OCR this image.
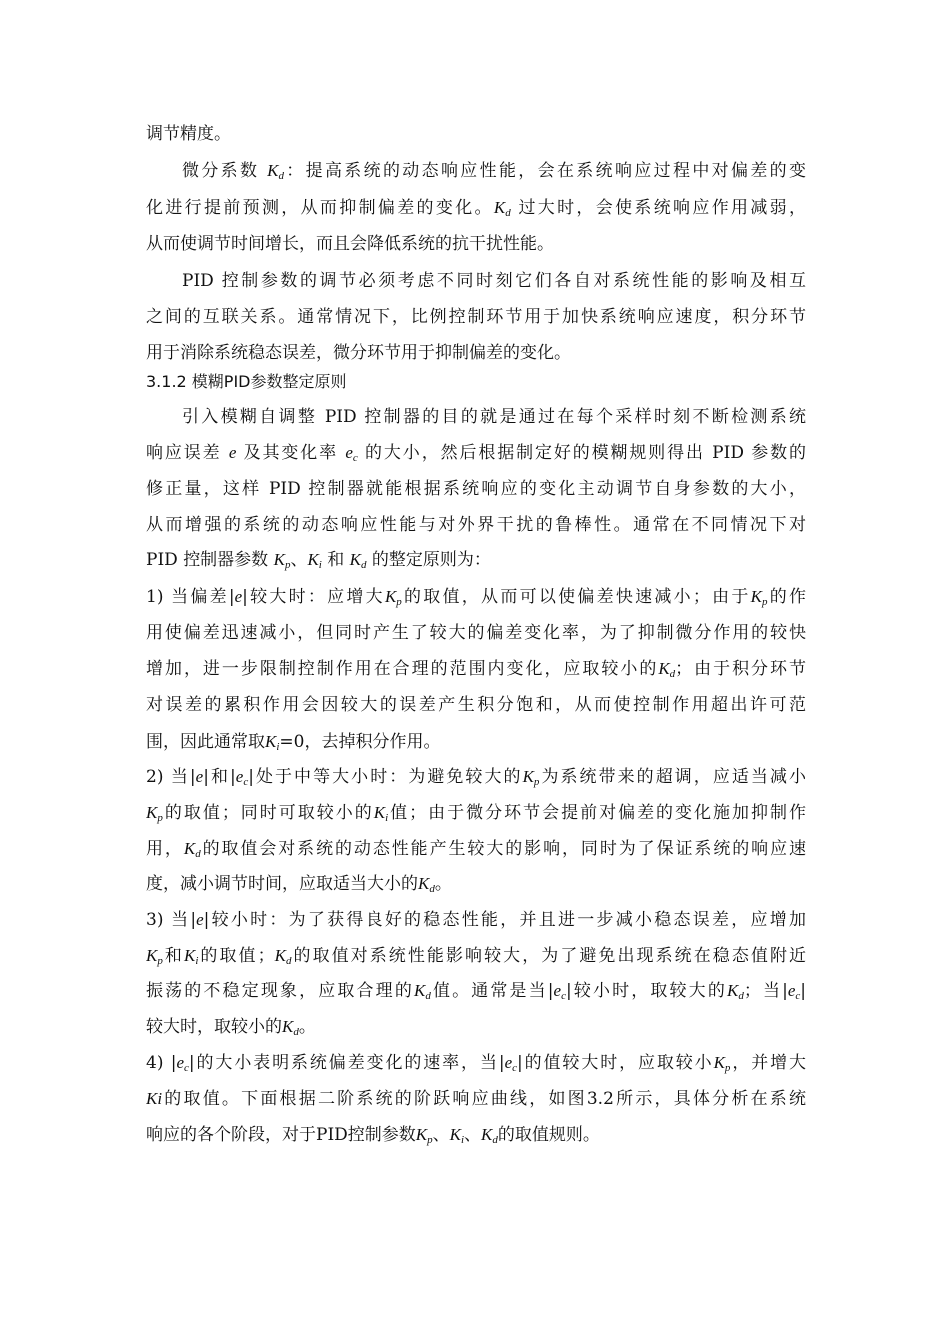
调节精度。
微分系数 $K_d$：提高系统的动态响应性能，会在系统响应过程中对偏差的变
化进行提前预测，从而抑制偏差的变化。$K_d$ 过大时，会使系统响应作用减弱，
从而使调节时间增长，而且会降低系统的抗干扰性能。
PID 控制参数的调节必须考虑不同时刻它们各自对系统性能的影响及相互
之间的互联关系。通常情况下，比例控制环节用于加快系统响应速度，积分环节
用于消除系统稳态误差，微分环节用于抑制偏差的变化。
3.1.2 模糊PID参数整定原则
引入模糊自调整 PID 控制器的目的就是通过在每个采样时刻不断检测系统
响应误差 e 及其变化率 $e_c$ 的大小，然后根据制定好的模糊规则得出 PID 参数的
修正量，这样 PID 控制器就能根据系统响应的变化主动调节自身参数的大小，
从而增强的系统的动态响应性能与对外界干扰的鲁棒性。通常在不同情况下对
PID 控制器参数 $K_p$、$K_i$ 和 $K_d$ 的整定原则为：
1) 当偏差|e|较大时：应增大$K_p$的取值，从而可以使偏差快速减小；由于$K_p$的作
用使偏差迅速减小，但同时产生了较大的偏差变化率，为了抑制微分作用的较快
增加，进一步限制控制作用在合理的范围内变化，应取较小的$K_d$；由于积分环节
对误差的累积作用会因较大的误差产生积分饱和，从而使控制作用超出许可范
围，因此通常取$K_i=0$，去掉积分作用。
2) 当|e|和$|e_c|$处于中等大小时：为避免较大的$K_p$为系统带来的超调，应适当减小
$K_p$的取值；同时可取较小的$K_i$值；由于微分环节会提前对偏差的变化施加抑制作
用，$K_d$的取值会对系统的动态性能产生较大的影响，同时为了保证系统的响应速
度，减小调节时间，应取适当大小的$K_d$。
3) 当|e|较小时：为了获得良好的稳态性能，并且进一步减小稳态误差，应增加
$K_p$和$K_i$的取值；$K_d$的取值对系统性能影响较大，为了避免出现系统在稳态值附近
振荡的不稳定现象，应取合理的$K_d$值。通常是当$|e_c|$较小时，取较大的$K_d$；当$|e_c|$
较大时，取较小的$K_d$。
4) $|e_c|$的大小表明系统偏差变化的速率，当$|e_c|$的值较大时，应取较小$K_p$，并增大
Ki的取值。下面根据二阶系统的阶跃响应曲线，如图3.2所示，具体分析在系统
响应的各个阶段，对于PID控制参数$K_p$、$K_i$、$K_d$的取值规则。
